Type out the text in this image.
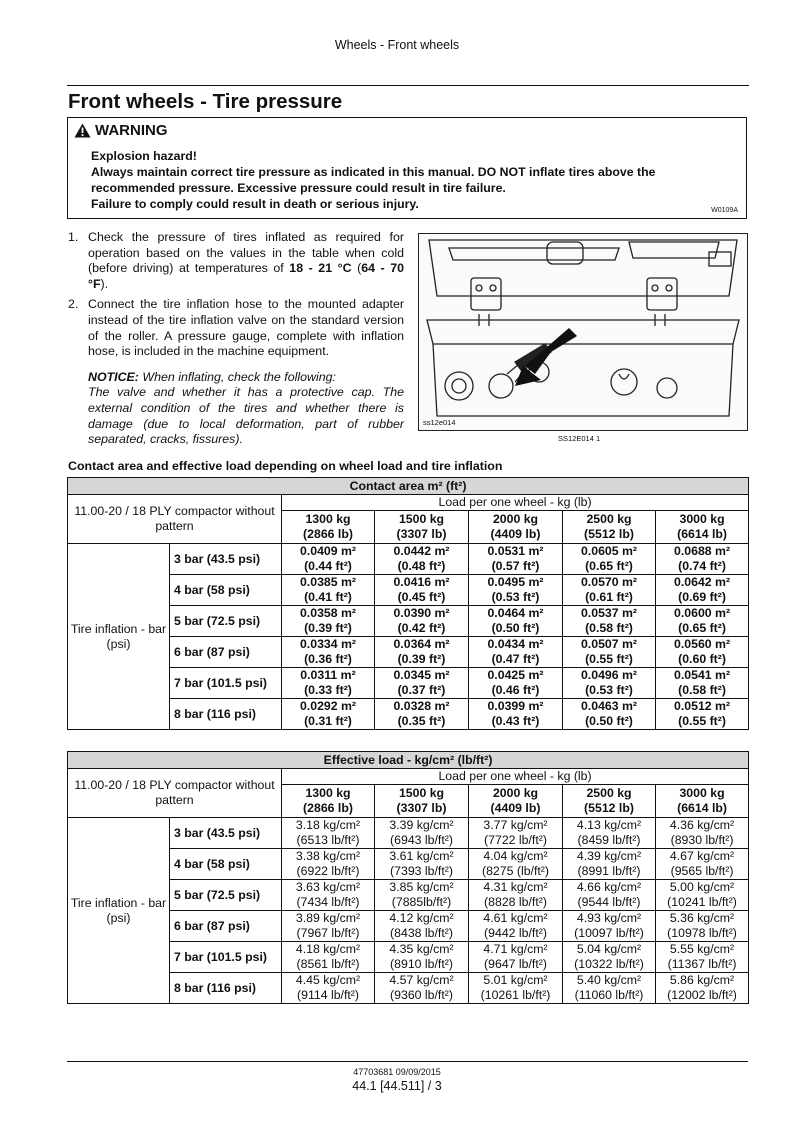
Wheels - Front wheels
Front wheels - Tire pressure
WARNING

Explosion hazard!

Always maintain correct tire pressure as indicated in this manual. DO NOT inflate tires above the recommended pressure. Excessive pressure could result in tire failure.

Failure to comply could result in death or serious injury.	W0109A
1. Check the pressure of tires inflated as required for operation based on the values in the table when cold (before driving) at temperatures of 18 - 21 °C (64 - 70 °F).
2. Connect the tire inflation hose to the mounted adapter instead of the tire inflation valve on the standard version of the roller. A pressure gauge, complete with inflation hose, is included in the machine equipment.
NOTICE: When inflating, check the following:
The valve and whether it has a protective cap. The external condition of the tires and whether there is damage (due to local deformation, part of rubber separated, cracks, fissures).
ss12e014
SS12E014 1
Contact area and effective load depending on wheel load and tire inflation
Contact area m² (ft²)						
11.00-20 / 18 PLY compactor without pattern		Load per one wheel - kg (lb)				
		1300 kg
(2866 lb)	1500 kg
(3307 lb)	2000 kg
(4409 lb)	2500 kg
(5512 lb)	3000 kg
(6614 lb)
Tire inflation - bar (psi)	3 bar (43.5 psi)	0.0409 m²
(0.44 ft²)	0.0442 m²
(0.48 ft²)	0.0531 m²
(0.57 ft²)	0.0605 m²
(0.65 ft²)	0.0688 m²
(0.74 ft²)
	4 bar (58 psi)	0.0385 m²
(0.41 ft²)	0.0416 m²
(0.45 ft²)	0.0495 m²
(0.53 ft²)	0.0570 m²
(0.61 ft²)	0.0642 m²
(0.69 ft²)
	5 bar (72.5 psi)	0.0358 m²
(0.39 ft²)	0.0390 m²
(0.42 ft²)	0.0464 m²
(0.50 ft²)	0.0537 m²
(0.58 ft²)	0.0600 m²
(0.65 ft²)
	6 bar (87 psi)	0.0334 m²
(0.36 ft²)	0.0364 m²
(0.39 ft²)	0.0434 m²
(0.47 ft²)	0.0507 m²
(0.55 ft²)	0.0560 m²
(0.60 ft²)
	7 bar (101.5 psi)	0.0311 m²
(0.33 ft²)	0.0345 m²
(0.37 ft²)	0.0425 m²
(0.46 ft²)	0.0496 m²
(0.53 ft²)	0.0541 m²
(0.58 ft²)
	8 bar (116 psi)	0.0292 m²
(0.31 ft²)	0.0328 m²
(0.35 ft²)	0.0399 m²
(0.43 ft²)	0.0463 m²
(0.50 ft²)	0.0512 m²
(0.55 ft²)
Effective load - kg/cm² (lb/ft²)						
11.00-20 / 18 PLY compactor without pattern		Load per one wheel - kg (lb)				
		1300 kg
(2866 lb)	1500 kg
(3307 lb)	2000 kg
(4409 lb)	2500 kg
(5512 lb)	3000 kg
(6614 lb)
Tire inflation - bar (psi)	3 bar (43.5 psi)	3.18 kg/cm²
(6513 lb/ft²)	3.39 kg/cm²
(6943 lb/ft²)	3.77 kg/cm²
(7722 lb/ft²)	4.13 kg/cm²
(8459 lb/ft²)	4.36 kg/cm²
(8930 lb/ft²)
	4 bar (58 psi)	3.38 kg/cm²
(6922 lb/ft²)	3.61 kg/cm²
(7393 lb/ft²)	4.04 kg/cm²
(8275 (lb/ft²)	4.39 kg/cm²
(8991 lb/ft²)	4.67 kg/cm²
(9565 lb/ft²)
	5 bar (72.5 psi)	3.63 kg/cm²
(7434 lb/ft²)	3.85 kg/cm²
(7885lb/ft²)	4.31 kg/cm²
(8828 lb/ft²)	4.66 kg/cm²
(9544 lb/ft²)	5.00 kg/cm²
(10241 lb/ft²)
	6 bar (87 psi)	3.89 kg/cm²
(7967 lb/ft²)	4.12 kg/cm²
(8438 lb/ft²)	4.61 kg/cm²
(9442 lb/ft²)	4.93 kg/cm²
(10097 lb/ft²)	5.36 kg/cm²
(10978 lb/ft²)
	7 bar (101.5 psi)	4.18 kg/cm²
(8561 lb/ft²)	4.35 kg/cm²
(8910 lb/ft²)	4.71 kg/cm²
(9647 lb/ft²)	5.04 kg/cm²
(10322 lb/ft²)	5.55 kg/cm²
(11367 lb/ft²)
	8 bar (116 psi)	4.45 kg/cm²
(9114 lb/ft²)	4.57 kg/cm²
(9360 lb/ft²)	5.01 kg/cm²
(10261 lb/ft²)	5.40 kg/cm²
(11060 lb/ft²)	5.86 kg/cm²
(12002 lb/ft²)
47703681 09/09/2015
44.1 [44.511] / 3
